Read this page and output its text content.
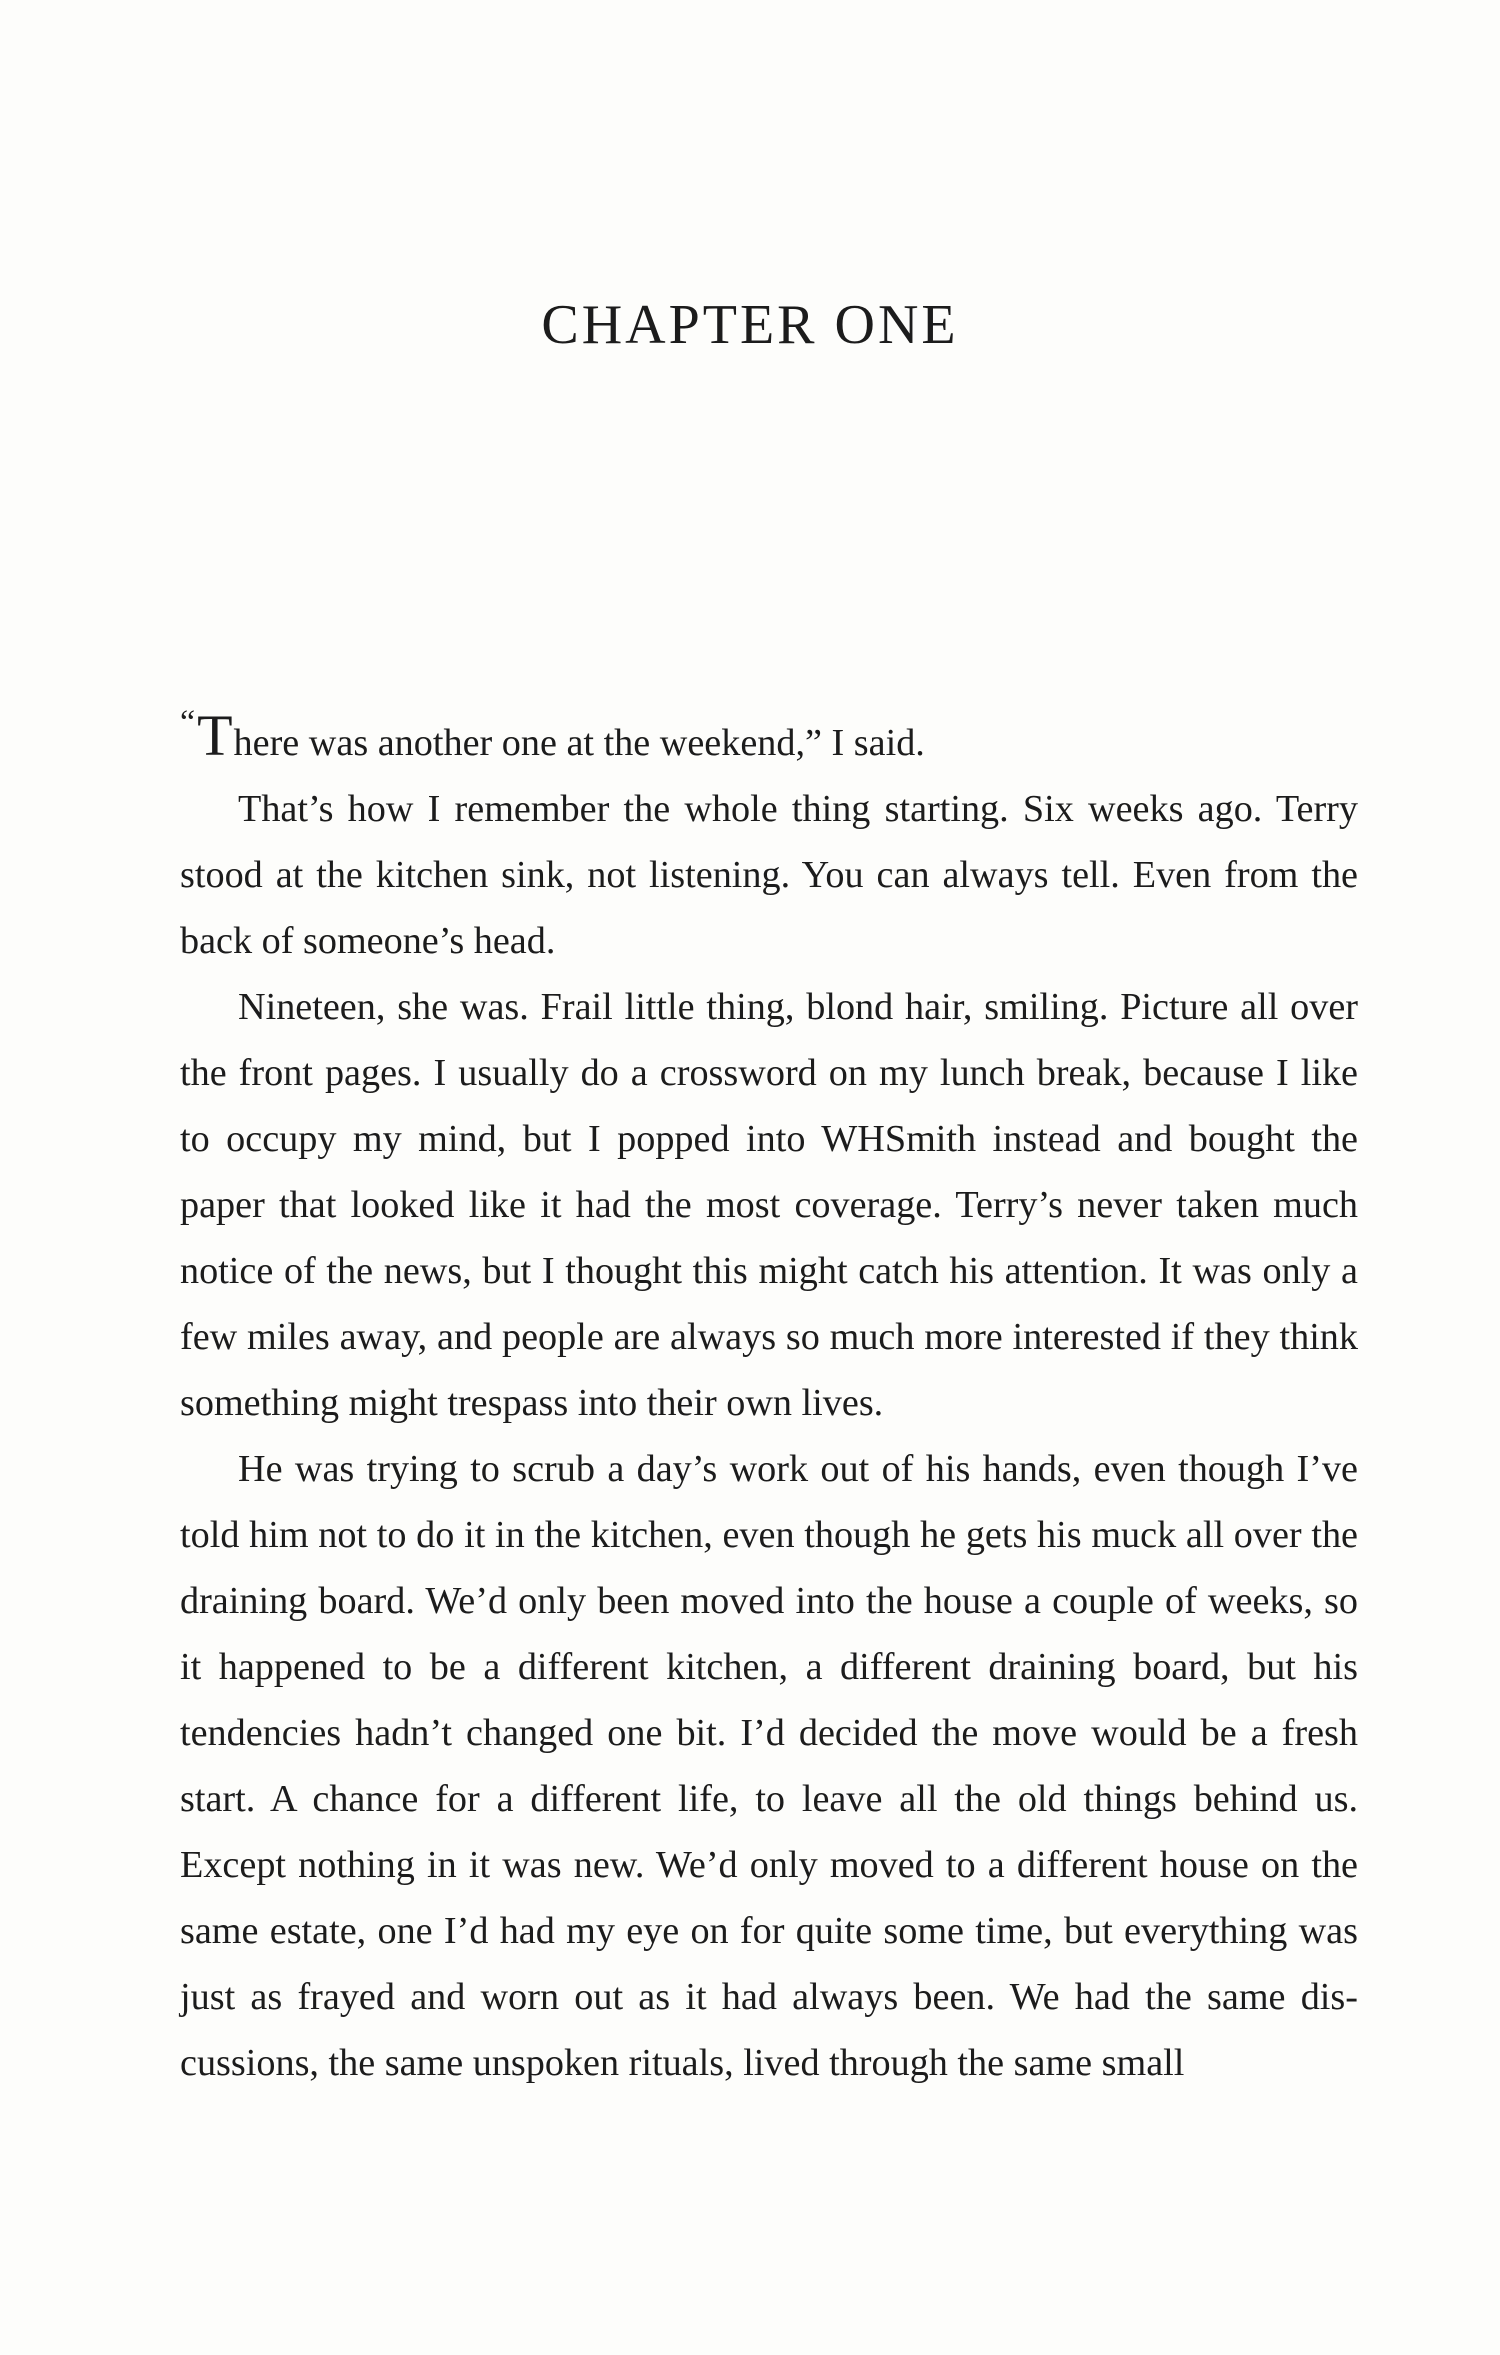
CHAPTER ONE

“There was another one at the weekend,” I said.

That’s how I remember the whole thing starting. Six weeks ago. Terry stood at the kitchen sink, not listening. You can always tell. Even from the back of someone’s head.

Nineteen, she was. Frail little thing, blond hair, smiling. Picture all over the front pages. I usually do a crossword on my lunch break, because I like to occupy my mind, but I popped into WHSmith instead and bought the paper that looked like it had the most coverage. Terry’s never taken much notice of the news, but I thought this might catch his attention. It was only a few miles away, and people are always so much more interested if they think something might trespass into their own lives.

He was trying to scrub a day’s work out of his hands, even though I’ve told him not to do it in the kitchen, even though he gets his muck all over the draining board. We’d only been moved into the house a couple of weeks, so it happened to be a different kitchen, a different draining board, but his tendencies hadn’t changed one bit. I’d decided the move would be a fresh start. A chance for a different life, to leave all the old things behind us. Except nothing in it was new. We’d only moved to a different house on the same estate, one I’d had my eye on for quite some time, but everything was just as frayed and worn out as it had always been. We had the same discussions, the same unspoken rituals, lived through the same small
